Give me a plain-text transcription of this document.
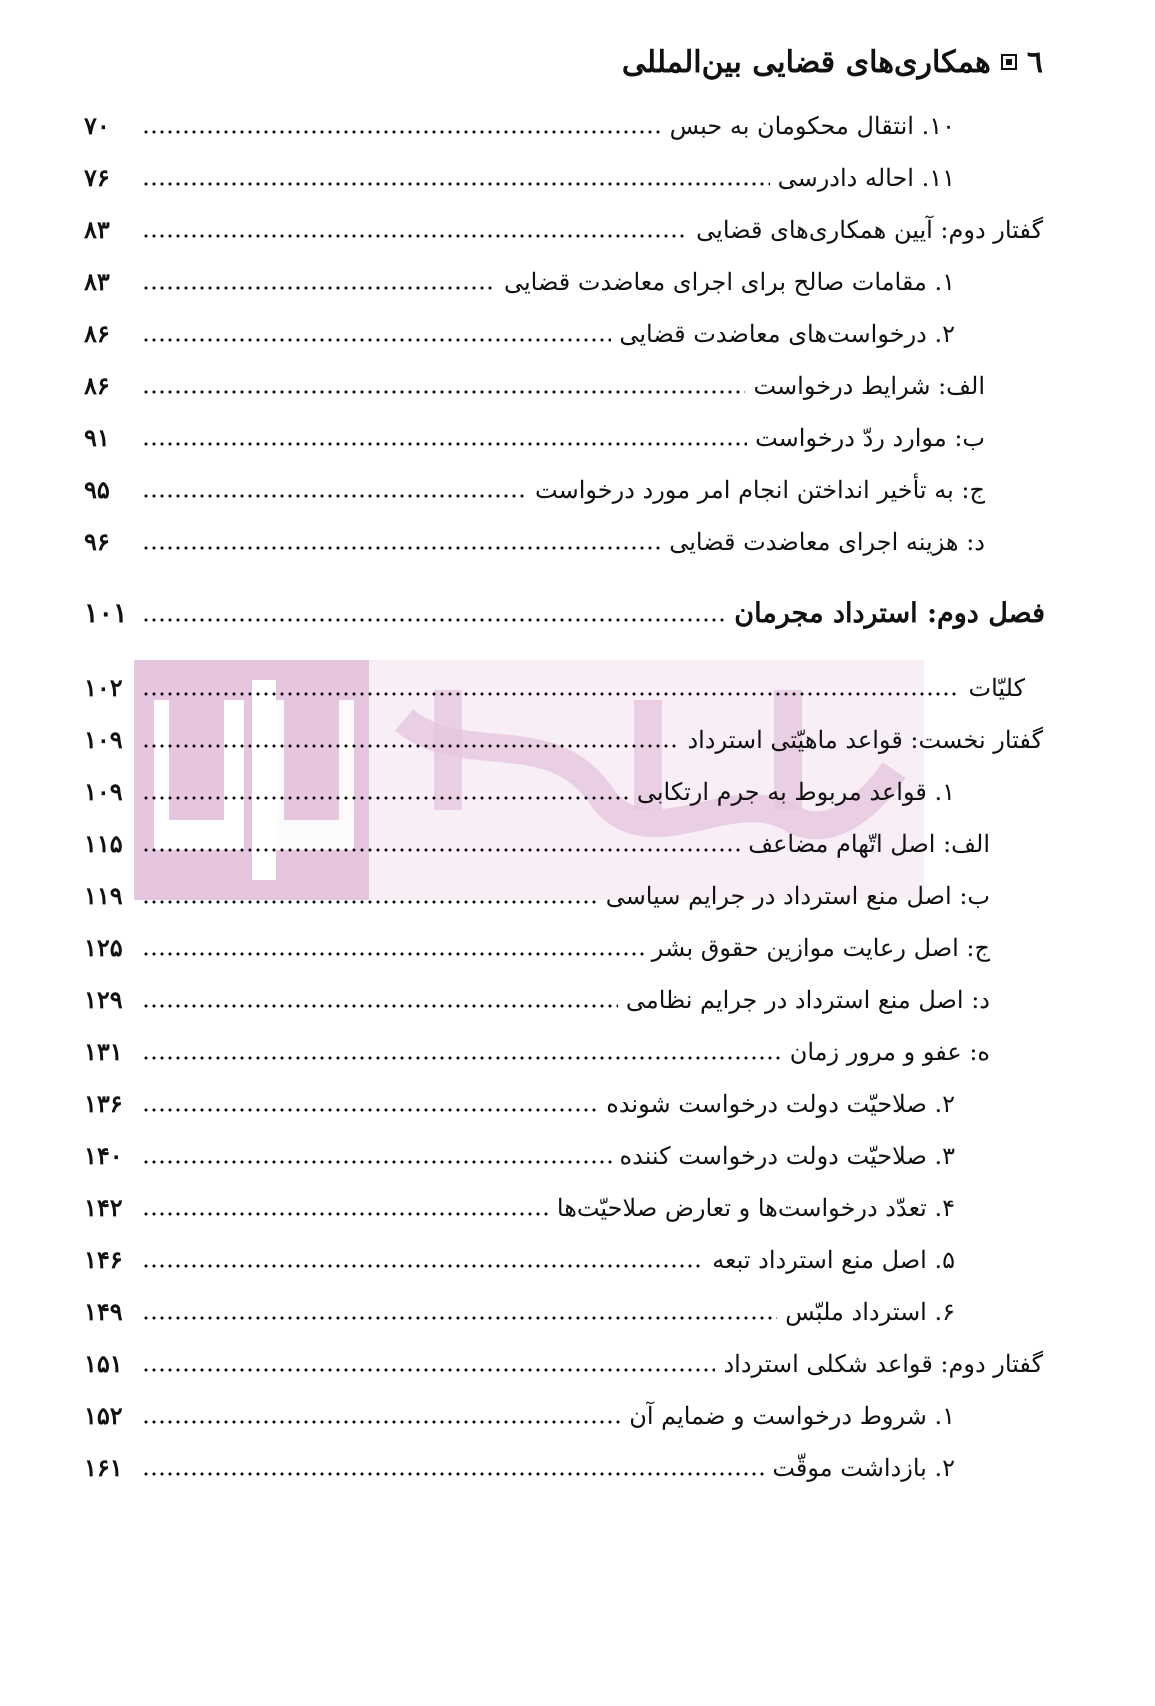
٦
همکاری‌های قضایی بین‌المللی
۱۰. انتقال محکومان به حبس
۷۰
۱۱. احاله دادرسی
۷۶
گفتار دوم: آیین همکاری‌های قضایی
۸۳
۱. مقامات صالح برای اجرای معاضدت قضایی
۸۳
۲. درخواست‌های معاضدت قضایی
۸۶
الف: شرایط درخواست
۸۶
ب: موارد ردّ درخواست
۹۱
ج: به تأخیر انداختن انجام امر مورد درخواست
۹۵
د: هزینه اجرای معاضدت قضایی
۹۶
فصل دوم: استرداد مجرمان
۱۰۱
کلیّات
۱۰۲
گفتار نخست: قواعد ماهیّتی استرداد
۱۰۹
۱. قواعد مربوط به جرم ارتکابی
۱۰۹
الف: اصل اتّهام مضاعف
۱۱۵
ب: اصل منع استرداد در جرایم سیاسی
۱۱۹
ج: اصل رعایت موازین حقوق بشر
۱۲۵
د: اصل منع استرداد در جرایم نظامی
۱۲۹
ه: عفو و مرور زمان
۱۳۱
۲. صلاحیّت دولت درخواست شونده
۱۳۶
۳. صلاحیّت دولت درخواست کننده
۱۴۰
۴. تعدّد درخواست‌ها و تعارض صلاحیّت‌ها
۱۴۲
۵. اصل منع استرداد تبعه
۱۴۶
۶. استرداد ملبّس
۱۴۹
گفتار دوم: قواعد شکلی استرداد
۱۵۱
۱. شروط درخواست و ضمایم آن
۱۵۲
۲. بازداشت موقّت
۱۶۱
